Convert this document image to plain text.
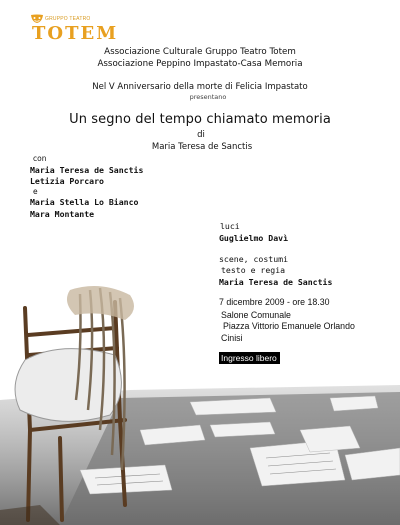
GRUPPO TEATRO
TOTEM
Associazione Culturale Gruppo Teatro Totem
Associazione Peppino Impastato-Casa Memoria
Nel V Anniversario della morte di Felicia Impastato
presentano
Un segno del tempo chiamato memoria
di
Maria Teresa de Sanctis
con
Maria Teresa de Sanctis
Letizia Porcaro
e
Maria Stella Lo Bianco
Mara Montante
luci
Guglielmo Davì
scene, costumi
testo e regia
Maria Teresa de Sanctis
7 dicembre 2009 - ore 18.30
Salone Comunale
Piazza Vittorio Emanuele Orlando
Cinisi
Ingresso libero
